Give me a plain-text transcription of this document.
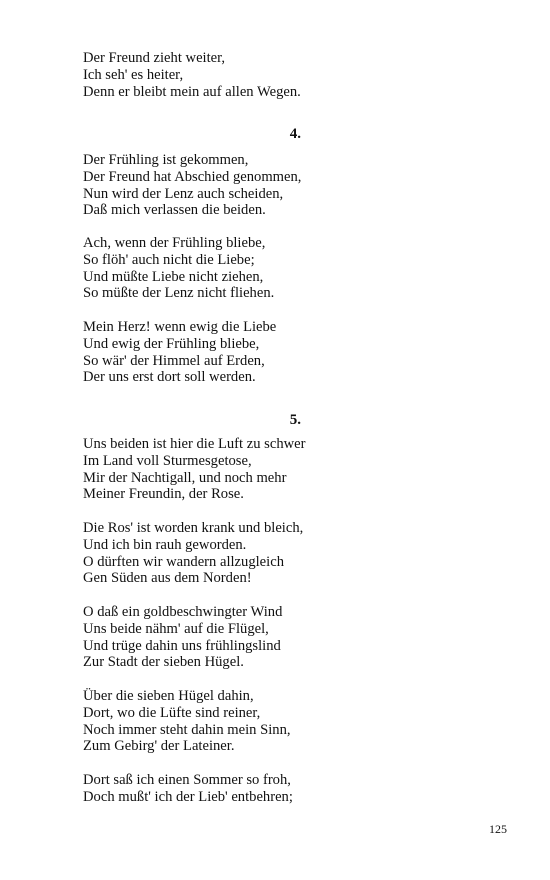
Der Freund zieht weiter,
Ich seh' es heiter,
Denn er bleibt mein auf allen Wegen.
4.
Der Frühling ist gekommen,
Der Freund hat Abschied genommen,
Nun wird der Lenz auch scheiden,
Daß mich verlassen die beiden.
Ach, wenn der Frühling bliebe,
So flöh' auch nicht die Liebe;
Und müßte Liebe nicht ziehen,
So müßte der Lenz nicht fliehen.
Mein Herz! wenn ewig die Liebe
Und ewig der Frühling bliebe,
So wär' der Himmel auf Erden,
Der uns erst dort soll werden.
5.
Uns beiden ist hier die Luft zu schwer
Im Land voll Sturmesgetose,
Mir der Nachtigall, und noch mehr
Meiner Freundin, der Rose.
Die Ros' ist worden krank und bleich,
Und ich bin rauh geworden.
O dürften wir wandern allzugleich
Gen Süden aus dem Norden!
O daß ein goldbeschwingter Wind
Uns beide nähm' auf die Flügel,
Und trüge dahin uns frühlingslind
Zur Stadt der sieben Hügel.
Über die sieben Hügel dahin,
Dort, wo die Lüfte sind reiner,
Noch immer steht dahin mein Sinn,
Zum Gebirg' der Lateiner.
Dort saß ich einen Sommer so froh,
Doch mußt' ich der Lieb' entbehren;
125
